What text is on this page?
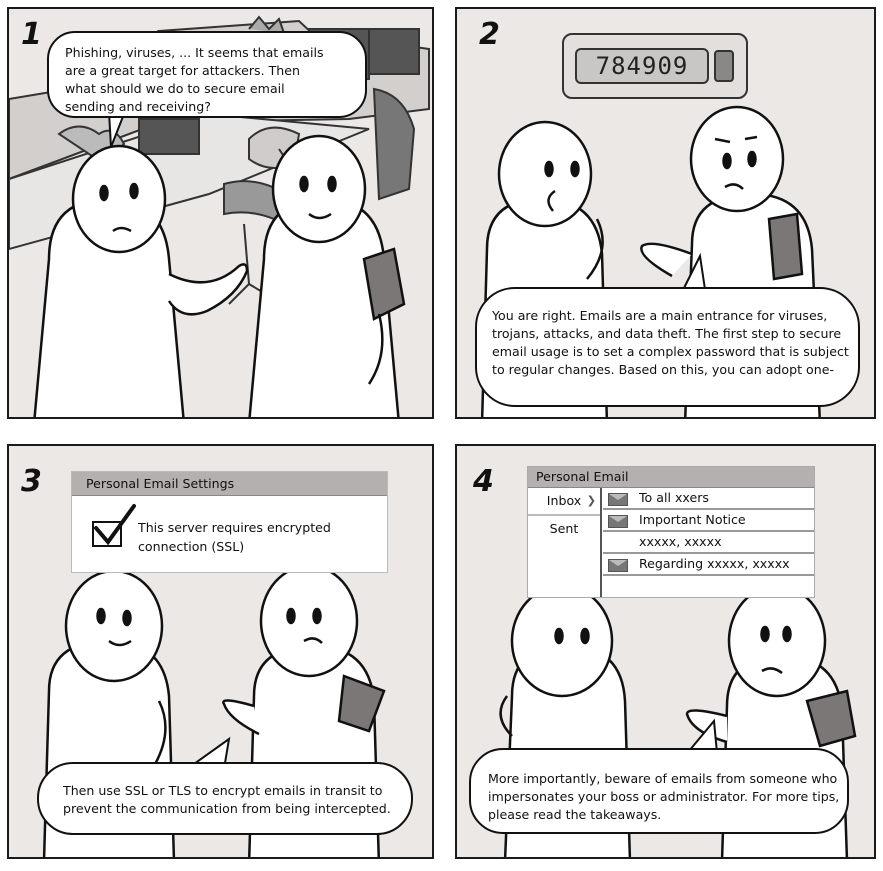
1

Phishing, viruses, ... It seems that emails

are a great target for attackers. Then

what should we do to secure email

sending and receiving?

2
784909

You are right. Emails are a main entrance for viruses,

trojans, attacks, and data theft. The first step to secure

email usage is to set a complex password that is subject

to regular changes. Based on this, you can adopt one-

3	Personal Email Settings
This server requires encrypted
connection (SSL)

Then use SSL or TLS to encrypt emails in transit to

prevent the communication from being intercepted.

4	Personal Email
Inbox ❯
Sent
To all xxers
Important Notice
xxxxx, xxxxx
Regarding xxxxx, xxxxx

More importantly, beware of emails from someone who

impersonates your boss or administrator. For more tips,

please read the takeaways.
